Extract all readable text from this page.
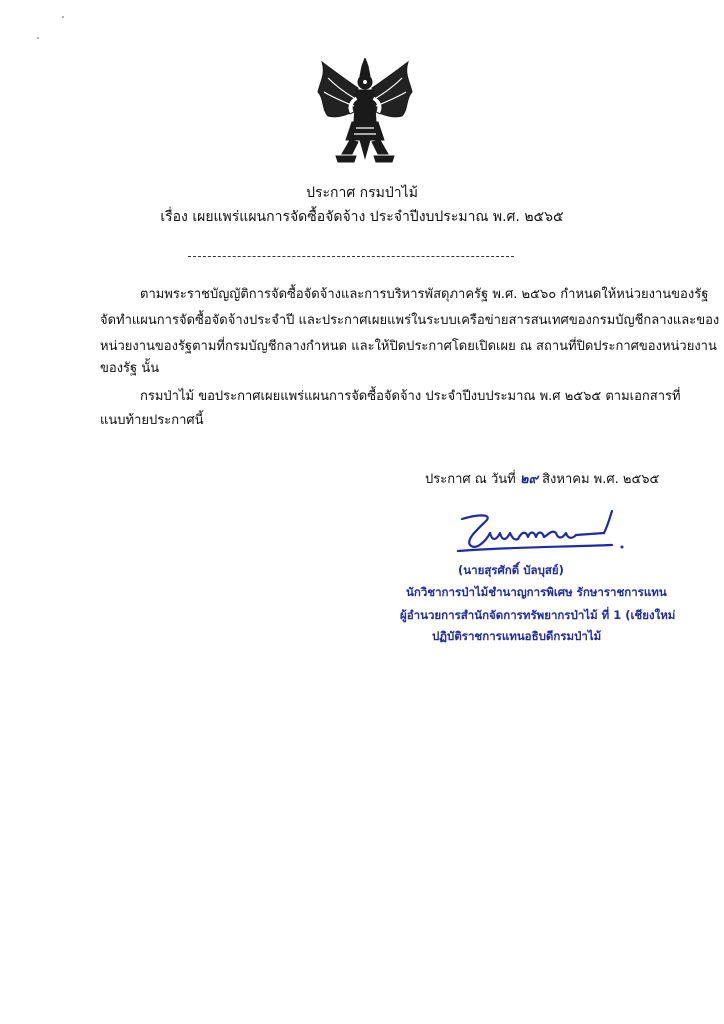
ประกาศ กรมป่าไม้
เรื่อง เผยแพร่แผนการจัดซื้อจัดจ้าง ประจำปีงบประมาณ พ.ศ. ๒๕๖๕
ตามพระราชบัญญัติการจัดซื้อจัดจ้างและการบริหารพัสดุภาครัฐ พ.ศ. ๒๕๖๐ กำหนดให้หน่วยงานของรัฐ
จัดทำแผนการจัดซื้อจัดจ้างประจำปี และประกาศเผยแพร่ในระบบเครือข่ายสารสนเทศของกรมบัญชีกลางและของ
หน่วยงานของรัฐตามที่กรมบัญชีกลางกำหนด และให้ปิดประกาศโดยเปิดเผย ณ สถานที่ปิดประกาศของหน่วยงาน
ของรัฐ นั้น
กรมป่าไม้ ขอประกาศเผยแพร่แผนการจัดซื้อจัดจ้าง ประจำปีงบประมาณ พ.ศ ๒๕๖๕ ตามเอกสารที่
แนบท้ายประกาศนี้
ประกาศ ณ วันที่ ๒๙ สิงหาคม พ.ศ. ๒๕๖๕
(นายสุรศักดิ์ บัลบุสย์)
นักวิชาการป่าไม้ชำนาญการพิเศษ รักษาราชการแทน
ผู้อำนวยการสำนักจัดการทรัพยากรป่าไม้ ที่ 1 (เชียงใหม่
ปฏิบัติราชการแทนอธิบดีกรมป่าไม้
